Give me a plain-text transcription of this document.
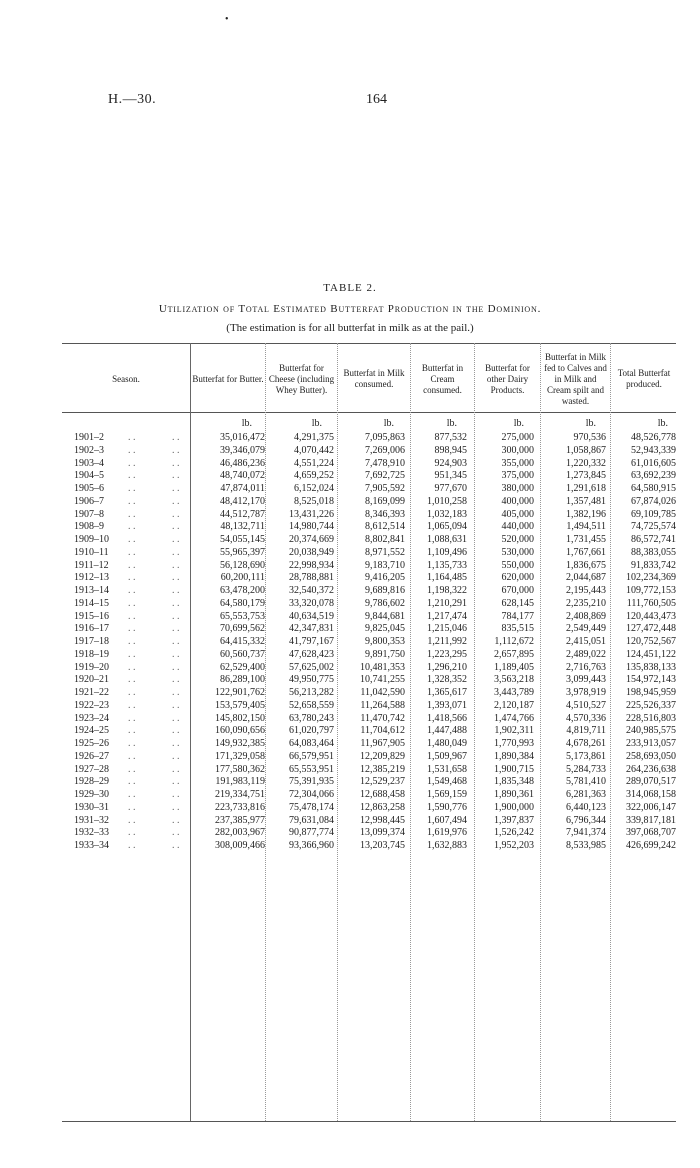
•
H.—30.	164
TABLE 2.
Utilization of Total Estimated Butterfat Production in the Dominion.
(The estimation is for all butterfat in milk as at the pail.)
Season.	Butterfat for Butter.
Butterfat for Cheese (including Whey Butter).
Butterfat in Milk consumed.
Butterfat in Cream consumed.
Butterfat for other Dairy Products.
Butterfat in Milk fed to Calves and in Milk and Cream spilt and wasted.
Total Butterfat produced.
lb.	lb.	lb.	lb.	lb.	lb.	lb.
1901–2 . .	. .	35,016,472	4,291,375	7,095,863	877,532	275,000	970,536	48,526,778
1902–3 . .	. .	39,346,079	4,070,442	7,269,006	898,945	300,000	1,058,867	52,943,339
1903–4 . .	. .	46,486,236	4,551,224	7,478,910	924,903	355,000	1,220,332	61,016,605
1904–5 . .	. .	48,740,072	4,659,252	7,692,725	951,345	375,000	1,273,845	63,692,239
1905–6 . .	. .	47,874,011	6,152,024	7,905,592	977,670	380,000	1,291,618	64,580,915
1906–7 . .	. .	48,412,170	8,525,018	8,169,099 1,010,258	400,000	1,357,481	67,874,026
1907–8 . .	. .	44,512,787 13,431,226	8,346,393 1,032,183	405,000	1,382,196	69,109,785
1908–9 . .	. .	48,132,711 14,980,744	8,612,514 1,065,094	440,000	1,494,511	74,725,574
1909–10 . .	. .	54,055,145 20,374,669	8,802,841 1,088,631	520,000	1,731,455	86,572,741
1910–11 . .	. .	55,965,397 20,038,949	8,971,552 1,109,496	530,000	1,767,661	88,383,055
1911–12 . .	. .	56,128,690 22,998,934	9,183,710 1,135,733	550,000	1,836,675	91,833,742
1912–13 . .	. .	60,200,111 28,788,881	9,416,205 1,164,485	620,000	2,044,687 102,234,369
1913–14 . .	. .	63,478,200 32,540,372	9,689,816 1,198,322	670,000	2,195,443 109,772,153
1914–15 . .	. .	64,580,179 33,320,078	9,786,602 1,210,291	628,145	2,235,210 111,760,505
1915–16 . .	. .	65,553,753 40,634,519	9,844,681 1,217,474	784,177	2,408,869 120,443,473
1916–17 . .	. .	70,699,562 42,347,831	9,825,045 1,215,046	835,515	2,549,449 127,472,448
1917–18 . .	. .	64,415,332 41,797,167	9,800,353 1,211,992	1,112,672	2,415,051 120,752,567
1918–19 . .	. .	60,560,737 47,628,423	9,891,750 1,223,295	2,657,895	2,489,022 124,451,122
1919–20 . .	. .	62,529,400 57,625,002	10,481,353 1,296,210	1,189,405	2,716,763 135,838,133
1920–21 . .	. .	86,289,100 49,950,775	10,741,255 1,328,352	3,563,218	3,099,443 154,972,143
1921–22 . .	. .	122,901,762 56,213,282	11,042,590 1,365,617	3,443,789	3,978,919 198,945,959
1922–23 . .	. .	153,579,405 52,658,559	11,264,588 1,393,071	2,120,187	4,510,527 225,526,337
1923–24 . .	. .	145,802,150 63,780,243	11,470,742 1,418,566	1,474,766	4,570,336 228,516,803
1924–25 . .	. .	160,090,656 61,020,797	11,704,612 1,447,488	1,902,311	4,819,711 240,985,575
1925–26 . .	. .	149,932,385 64,083,464	11,967,905 1,480,049	1,770,993	4,678,261 233,913,057
1926–27 . .	. .	171,329,058 66,579,951	12,209,829 1,509,967	1,890,384	5,173,861 258,693,050
1927–28 . .	. .	177,580,362 65,553,951	12,385,219 1,531,658	1,900,715	5,284,733 264,236,638
1928–29 . .	. .	191,983,119 75,391,935	12,529,237 1,549,468	1,835,348	5,781,410 289,070,517
1929–30 . .	. .	219,334,751 72,304,066	12,688,458 1,569,159	1,890,361	6,281,363 314,068,158
1930–31 . .	. .	223,733,816 75,478,174	12,863,258 1,590,776	1,900,000	6,440,123 322,006,147
1931–32 . .	. .	237,385,977 79,631,084	12,998,445 1,607,494	1,397,837	6,796,344 339,817,181
1932–33 . .	. .	282,003,967 90,877,774	13,099,374 1,619,976	1,526,242	7,941,374 397,068,707
1933–34 . .	. .	308,009,466 93,366,960	13,203,745 1,632,883	1,952,203	8,533,985 426,699,242
